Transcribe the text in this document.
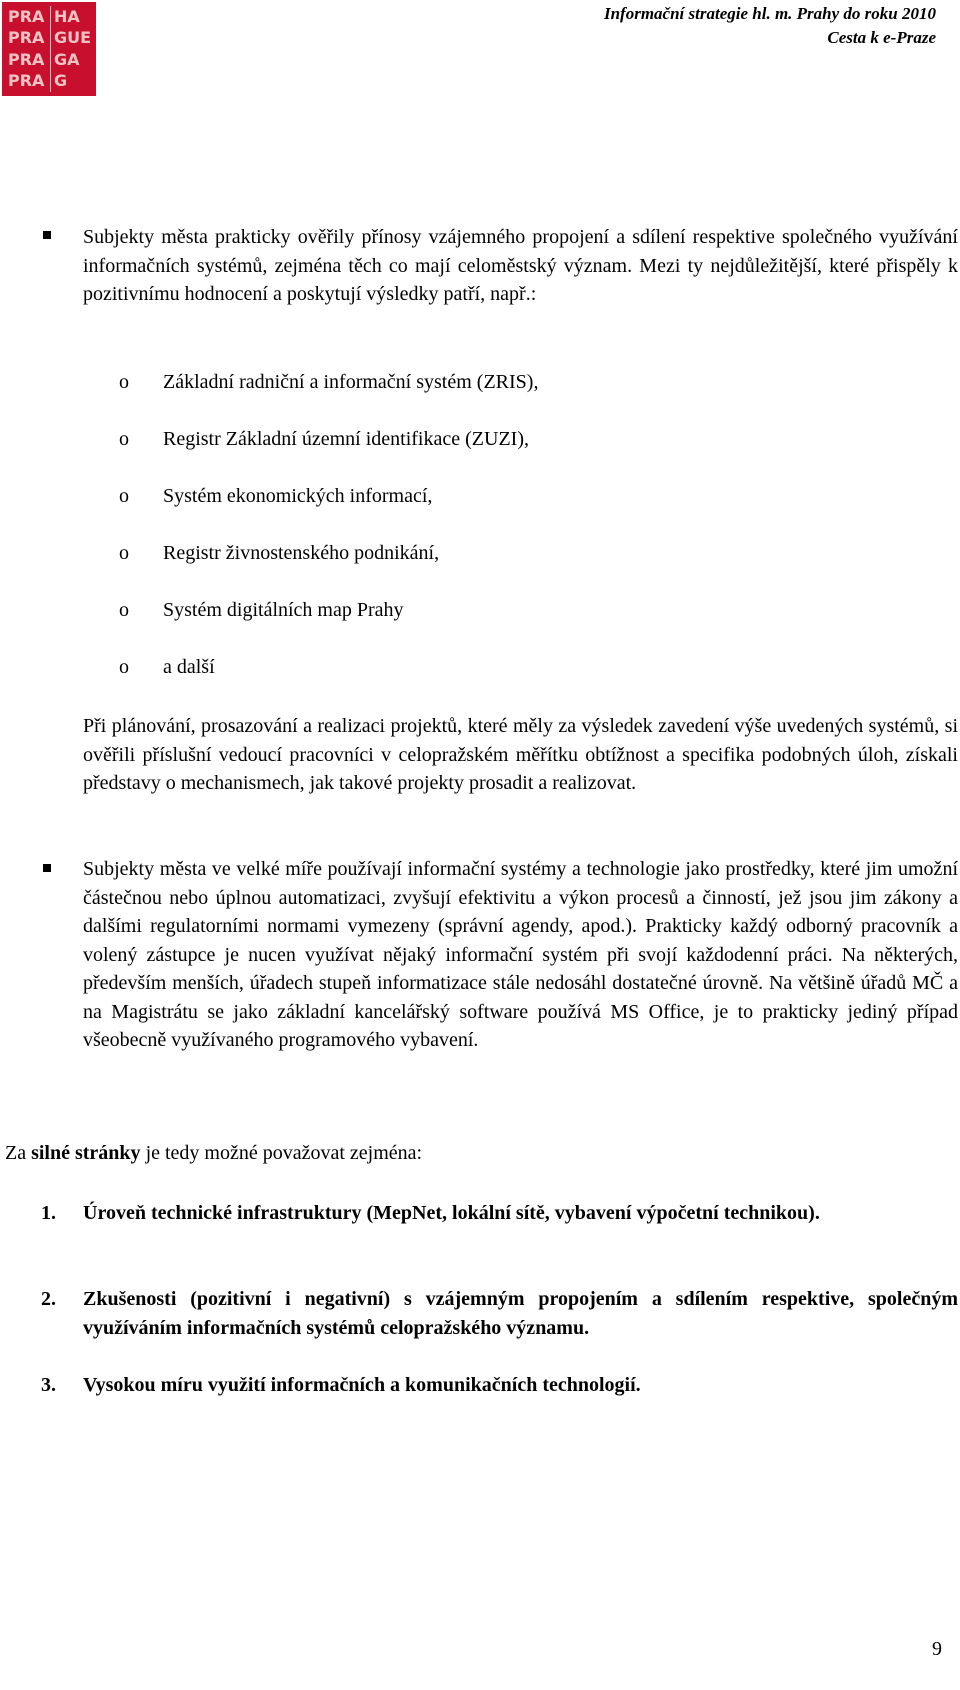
PRA HA
PRA GUE
PRA GA
PRA G
Informační strategie hl. m. Prahy do roku 2010
Cesta k e-Praze

Subjekty města prakticky ověřily přínosy vzájemného propojení a sdílení respektive společného využívání informačních systémů, zejména těch co mají celoměstský význam. Mezi ty nejdůležitější, které přispěly k pozitivnímu hodnocení a poskytují výsledky patří, např.:

o Základní radniční a informační systém (ZRIS),
o Registr Základní územní identifikace (ZUZI),
o Systém ekonomických informací,
o Registr živnostenského podnikání,
o Systém digitálních map Prahy
o a další

Při plánování, prosazování a realizaci projektů, které měly za výsledek zavedení výše uvedených systémů, si ověřili příslušní vedoucí pracovníci v celopražském měřítku obtížnost a specifika podobných úloh, získali představy o mechanismech, jak takové projekty prosadit a realizovat.

Subjekty města ve velké míře používají informační systémy a technologie jako prostředky, které jim umožní částečnou nebo úplnou automatizaci, zvyšují efektivitu a výkon procesů a činností, jež jsou jim zákony a dalšími regulatorními normami vymezeny (správní agendy, apod.). Prakticky každý odborný pracovník a volený zástupce je nucen využívat nějaký informační systém při svojí každodenní práci. Na některých, především menších, úřadech stupeň informatizace stále nedosáhl dostatečné úrovně. Na většině úřadů MČ a na Magistrátu se jako základní kancelářský software používá MS Office, je to prakticky jediný případ všeobecně využívaného programového vybavení.

Za silné stránky je tedy možné považovat zejména:

1. Úroveň technické infrastruktury (MepNet, lokální sítě, vybavení výpočetní technikou).
2. Zkušenosti (pozitivní i negativní) s vzájemným propojením a sdílením respektive, společným využíváním informačních systémů celopražského významu.
3. Vysokou míru využití informačních a komunikačních technologií.
9
